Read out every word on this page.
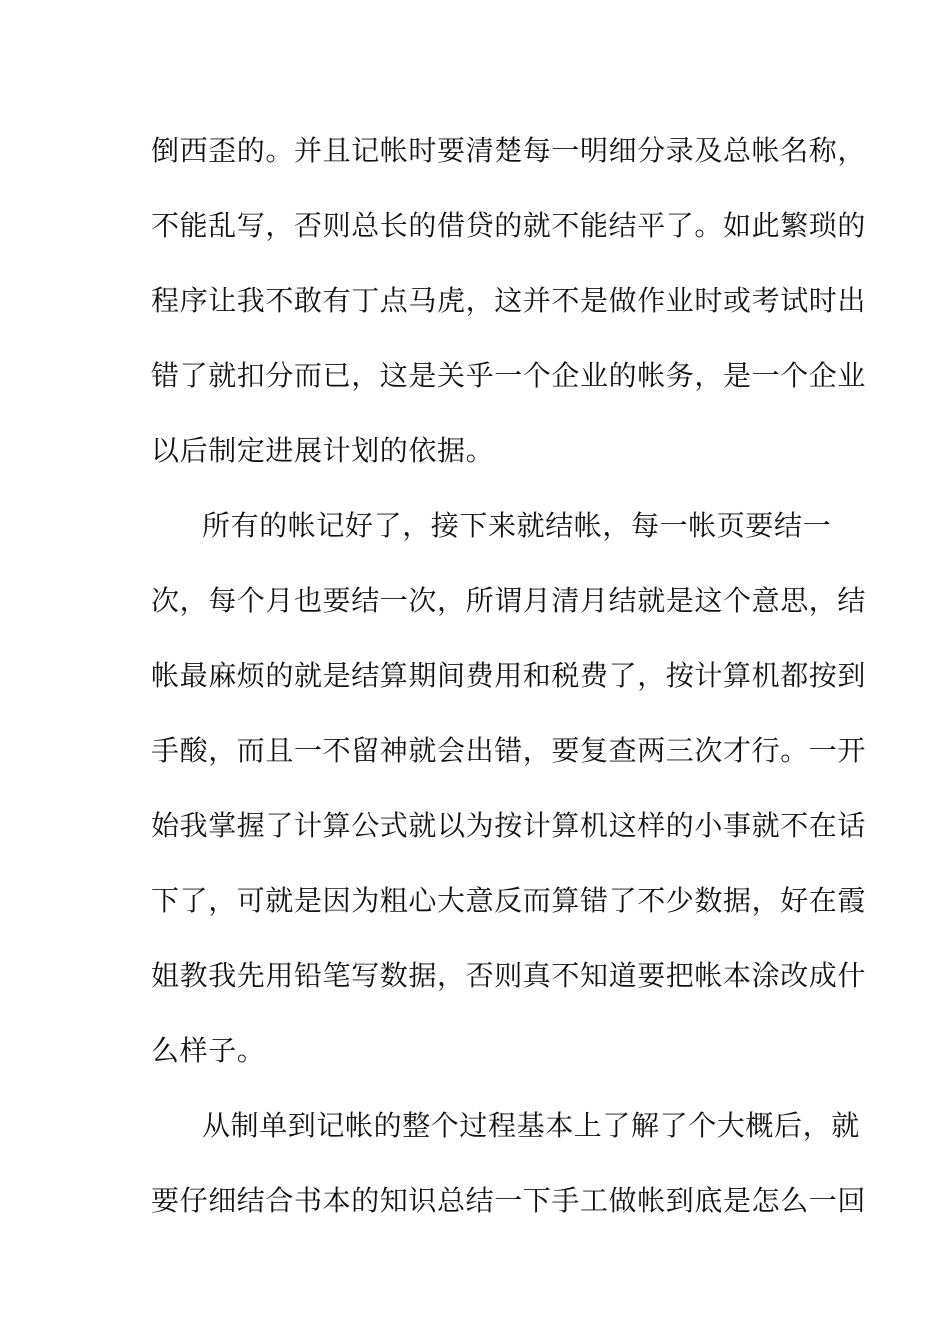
倒西歪的。并且记帐时要清楚每一明细分录及总帐名称，
不能乱写，否则总长的借贷的就不能结平了。如此繁琐的
程序让我不敢有丁点马虎，这并不是做作业时或考试时出
错了就扣分而已，这是关乎一个企业的帐务，是一个企业
以后制定进展计划的依据。
所有的帐记好了，接下来就结帐，每一帐页要结一
次，每个月也要结一次，所谓月清月结就是这个意思，结
帐最麻烦的就是结算期间费用和税费了，按计算机都按到
手酸，而且一不留神就会出错，要复查两三次才行。一开
始我掌握了计算公式就以为按计算机这样的小事就不在话
下了，可就是因为粗心大意反而算错了不少数据，好在霞
姐教我先用铅笔写数据，否则真不知道要把帐本涂改成什
么样子。
从制单到记帐的整个过程基本上了解了个大概后，就
要仔细结合书本的知识总结一下手工做帐到底是怎么一回
